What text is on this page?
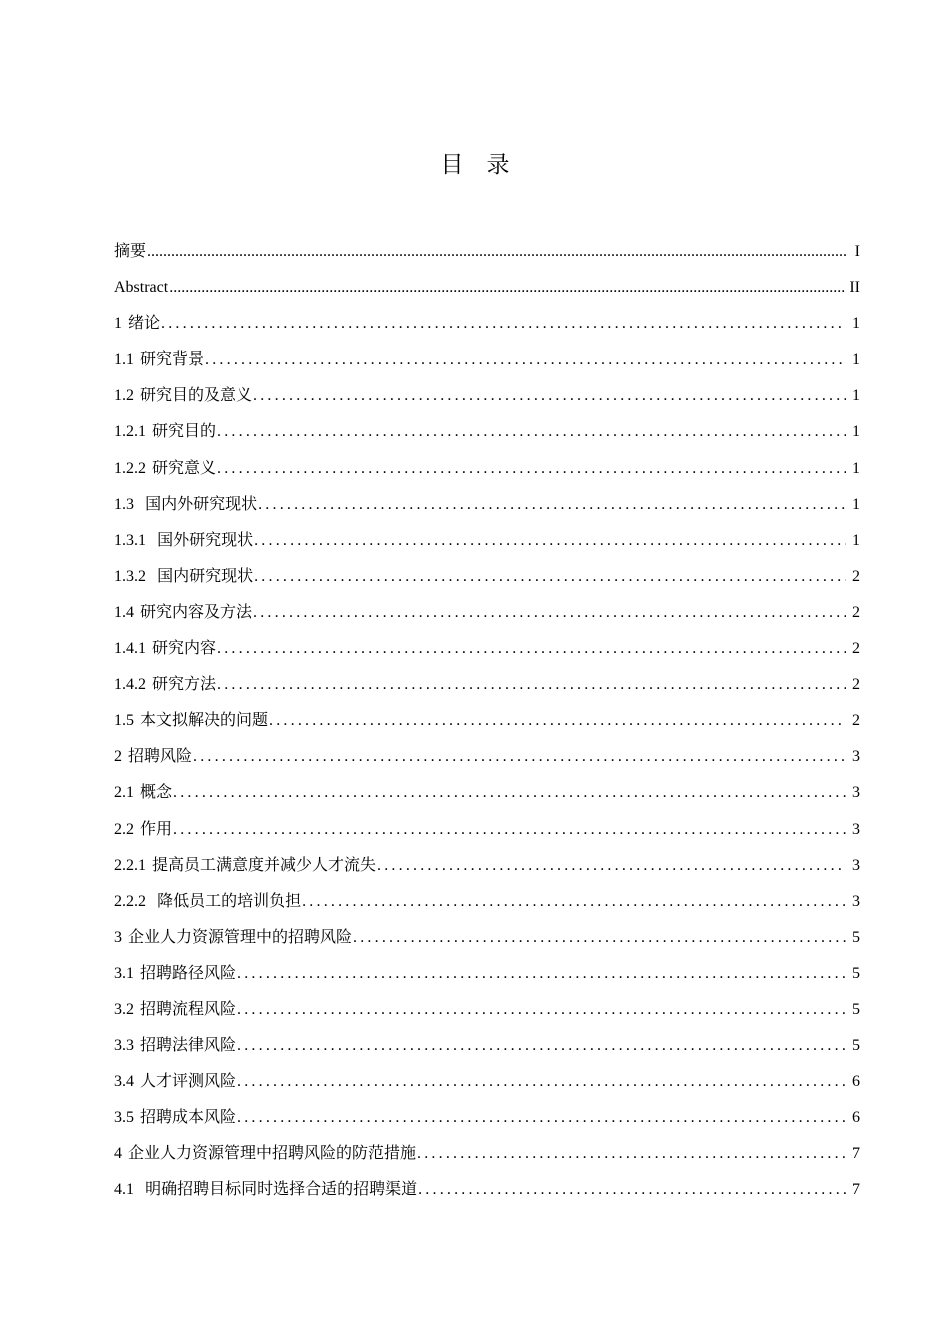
目　录
摘要 .....	I
Abstract .....	II
1 绪论 .....	1
1.1 研究背景 .....	1
1.2 研究目的及意义 .....	1
1.2.1 研究目的 .....	1
1.2.2 研究意义 .....	1
1.3 国内外研究现状 .....	1
1.3.1 国外研究现状 .....	1
1.3.2 国内研究现状 .....	2
1.4 研究内容及方法 .....	2
1.4.1 研究内容 .....	2
1.4.2 研究方法 .....	2
1.5 本文拟解决的问题 .....	2
2 招聘风险 .....	3
2.1 概念 .....	3
2.2 作用 .....	3
2.2.1 提高员工满意度并减少人才流失 .....	3
2.2.2 降低员工的培训负担 .....	3
3 企业人力资源管理中的招聘风险 .....	5
3.1 招聘路径风险 .....	5
3.2 招聘流程风险 .....	5
3.3 招聘法律风险 .....	5
3.4 人才评测风险 .....	6
3.5 招聘成本风险 .....	6
4 企业人力资源管理中招聘风险的防范措施 .....	7
4.1 明确招聘目标同时选择合适的招聘渠道 .....	7
